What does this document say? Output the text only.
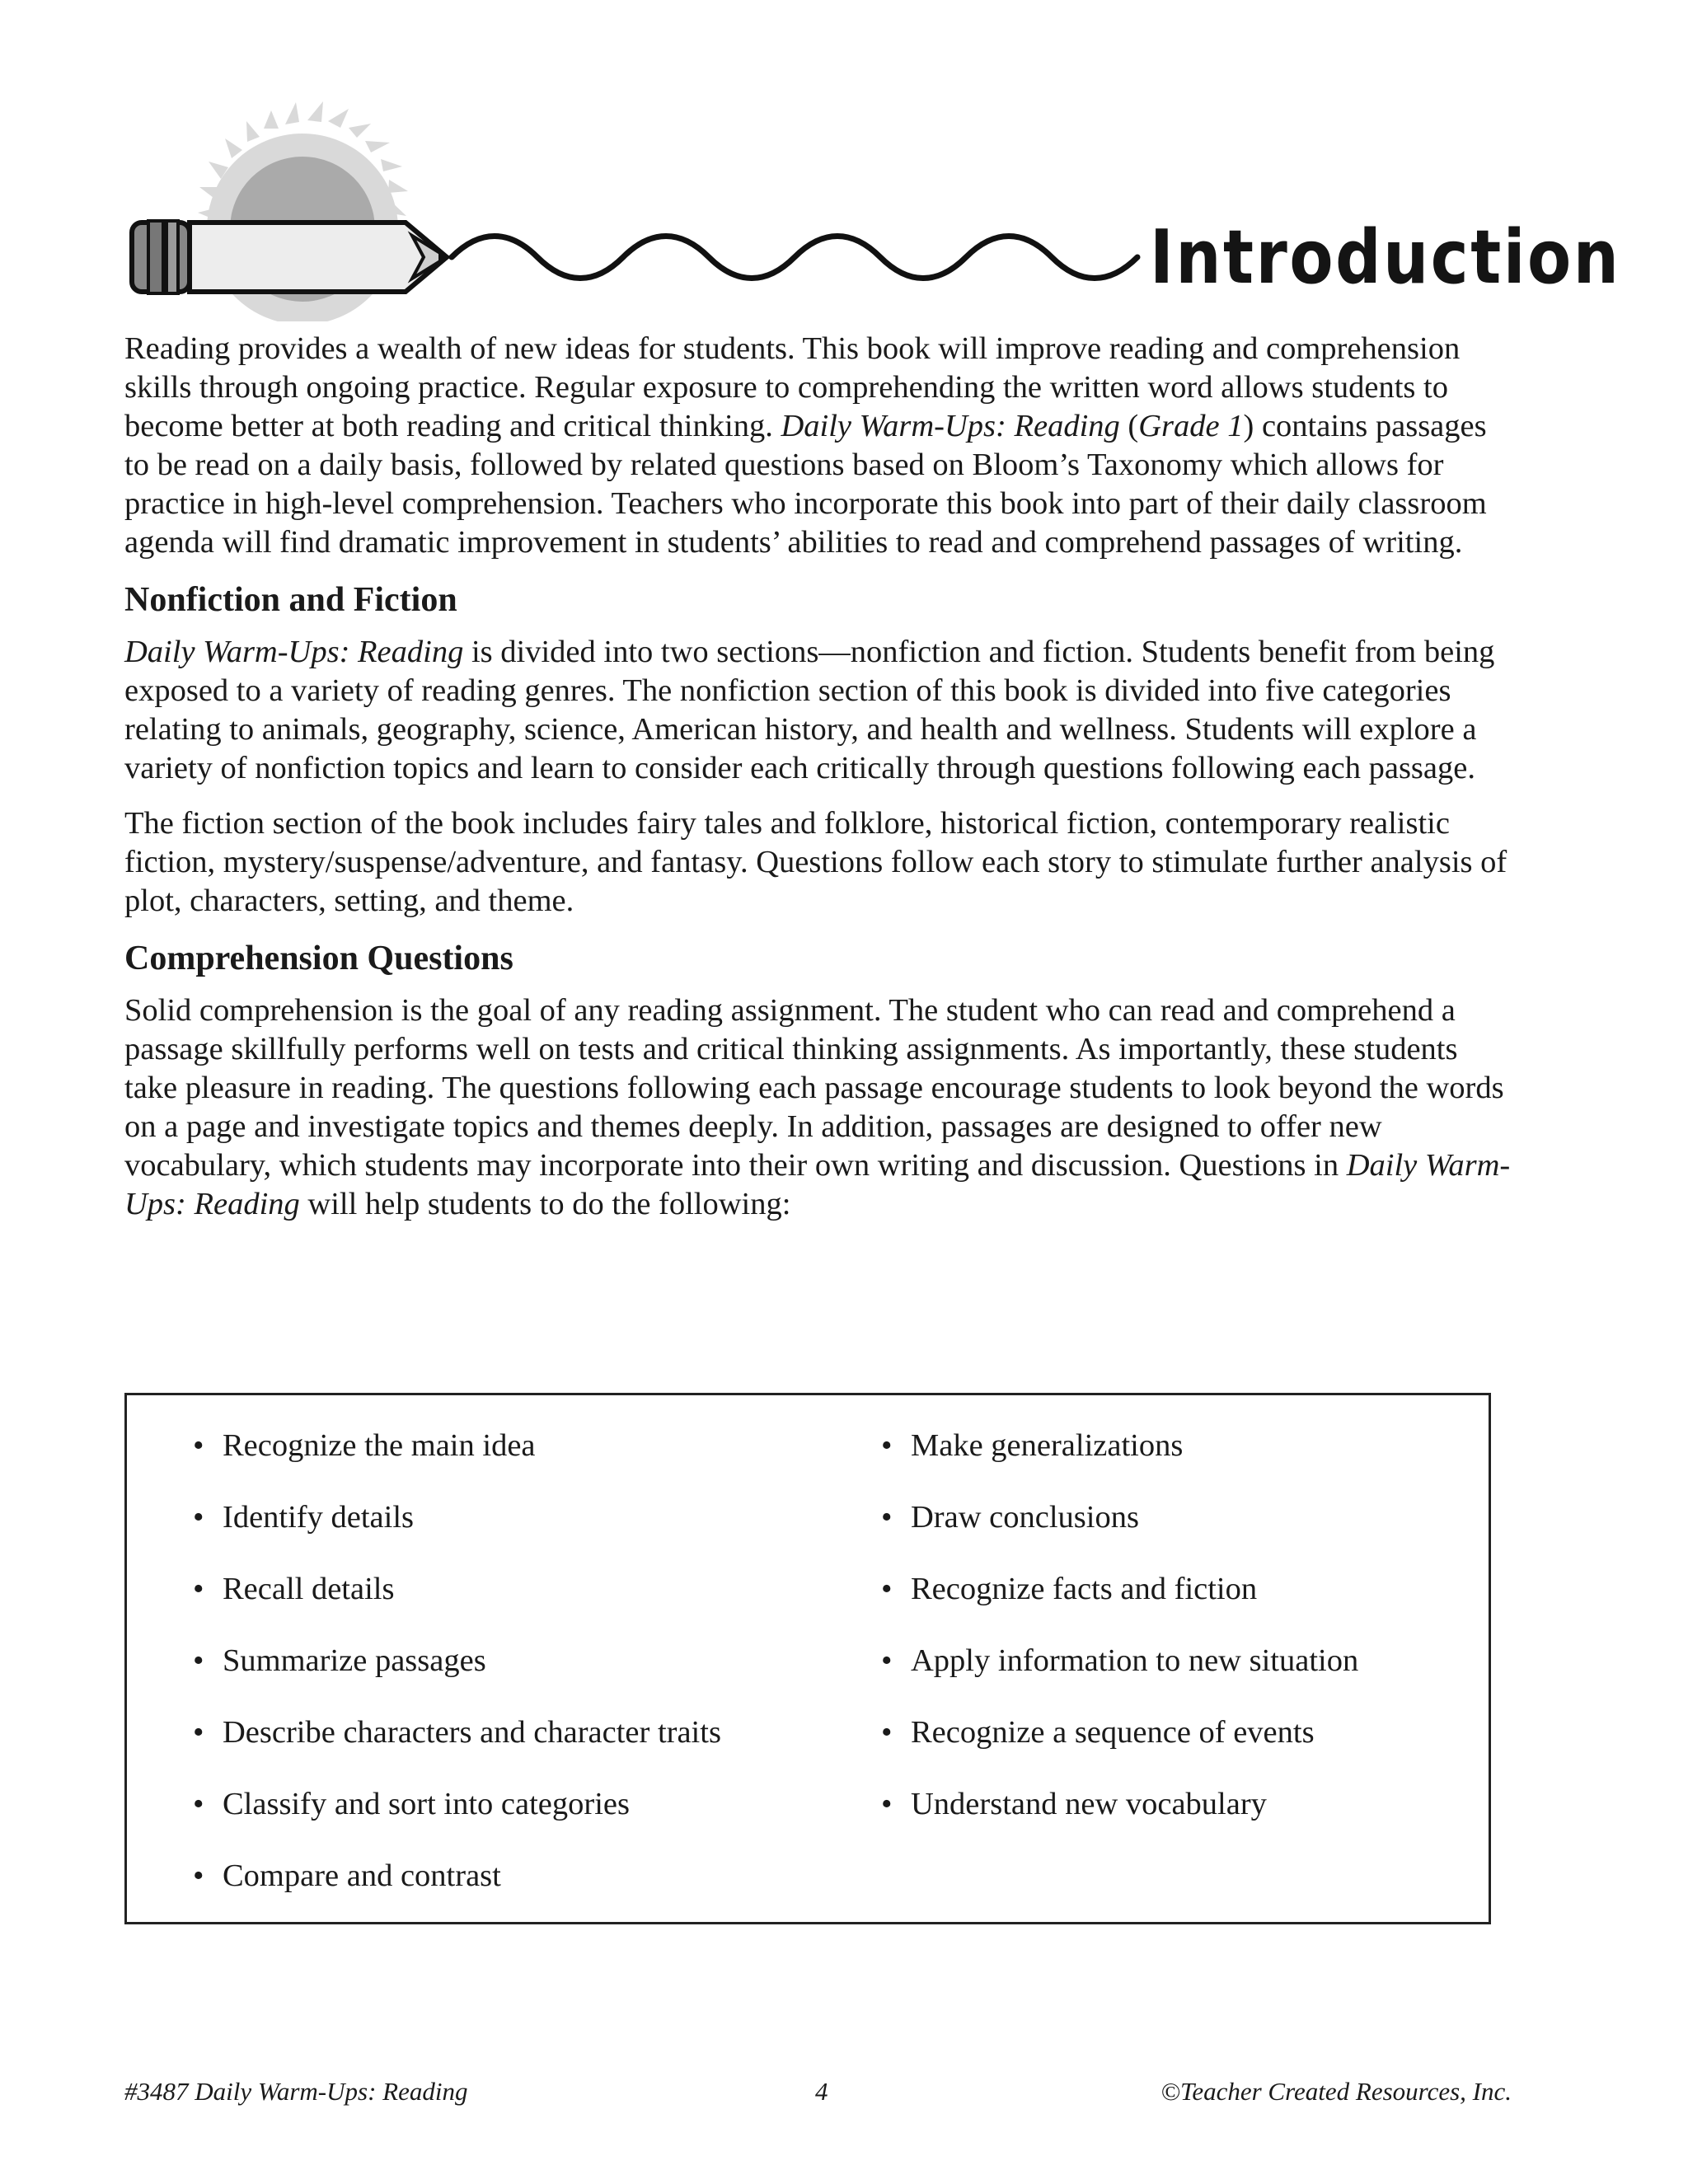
Introduction

Reading provides a wealth of new ideas for students. This book will improve reading and comprehension skills through ongoing practice. Regular exposure to comprehending the written word allows students to become better at both reading and critical thinking. Daily Warm-Ups: Reading (Grade 1) contains passages to be read on a daily basis, followed by related questions based on Bloom’s Taxonomy which allows for practice in high-level comprehension. Teachers who incorporate this book into part of their daily classroom agenda will find dramatic improvement in students’ abilities to read and comprehend passages of writing.

Nonfiction and Fiction

Daily Warm-Ups: Reading is divided into two sections—nonfiction and fiction. Students benefit from being exposed to a variety of reading genres. The nonfiction section of this book is divided into five categories relating to animals, geography, science, American history, and health and wellness. Students will explore a variety of nonfiction topics and learn to consider each critically through questions following each passage.

The fiction section of the book includes fairy tales and folklore, historical fiction, contemporary realistic fiction, mystery/suspense/adventure, and fantasy. Questions follow each story to stimulate further analysis of plot, characters, setting, and theme.

Comprehension Questions

Solid comprehension is the goal of any reading assignment. The student who can read and comprehend a passage skillfully performs well on tests and critical thinking assignments. As importantly, these students take pleasure in reading. The questions following each passage encourage students to look beyond the words on a page and investigate topics and themes deeply. In addition, passages are designed to offer new vocabulary, which students may incorporate into their own writing and discussion. Questions in Daily Warm-Ups: Reading will help students to do the following:

• Recognize the main idea
• Identify details
• Recall details
• Summarize passages
• Describe characters and character traits
• Classify and sort into categories
• Compare and contrast
• Make generalizations
• Draw conclusions
• Recognize facts and fiction
• Apply information to new situation
• Recognize a sequence of events
• Understand new vocabulary
#3487 Daily Warm-Ups: Reading	4	©Teacher Created Resources, Inc.
